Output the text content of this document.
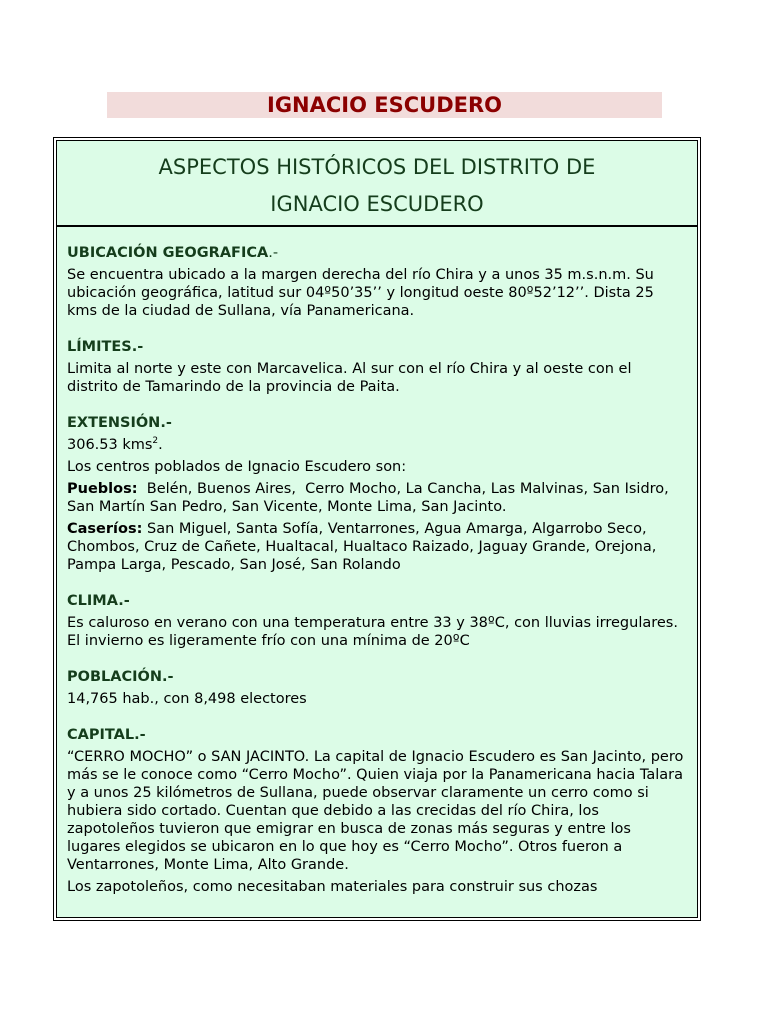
IGNACIO ESCUDERO
ASPECTOS HISTÓRICOS DEL DISTRITO DE
IGNACIO ESCUDERO
UBICACIÓN GEOGRAFICA.-
Se encuentra ubicado a la margen derecha del río Chira y a unos 35 m.s.n.m. Su ubicación geográfica, latitud sur 04º50’35’’ y longitud oeste 80º52’12’’. Dista 25 kms de la ciudad de Sullana, vía Panamericana.
LÍMITES.-
Limita al norte y este con Marcavelica. Al sur con el río Chira y al oeste con el distrito de Tamarindo de la provincia de Paita.
EXTENSIÓN.-
306.53 kms$^2$.
Los centros poblados de Ignacio Escudero son:
Pueblos:  Belén, Buenos Aires,  Cerro Mocho, La Cancha, Las Malvinas, San Isidro, San Martín San Pedro, San Vicente, Monte Lima, San Jacinto.
Caseríos: San Miguel, Santa Sofía, Ventarrones, Agua Amarga, Algarrobo Seco, Chombos, Cruz de Cañete, Hualtacal, Hualtaco Raizado, Jaguay Grande, Orejona, Pampa Larga, Pescado, San José, San Rolando
CLIMA.-
Es caluroso en verano con una temperatura entre 33 y 38ºC, con lluvias irregulares. El invierno es ligeramente frío con una mínima de 20ºC
POBLACIÓN.-
14,765 hab., con 8,498 electores
CAPITAL.-
“CERRO MOCHO” o SAN JACINTO. La capital de Ignacio Escudero es San Jacinto, pero más se le conoce como “Cerro Mocho”. Quien viaja por la Panamericana hacia Talara y a unos 25 kilómetros de Sullana, puede observar claramente un cerro como si hubiera sido cortado. Cuentan que debido a las crecidas del río Chira, los zapotoleños tuvieron que emigrar en busca de zonas más seguras y entre los lugares elegidos se ubicaron en lo que hoy es “Cerro Mocho”. Otros fueron a Ventarrones, Monte Lima, Alto Grande.
Los zapotoleños, como necesitaban materiales para construir sus chozas
